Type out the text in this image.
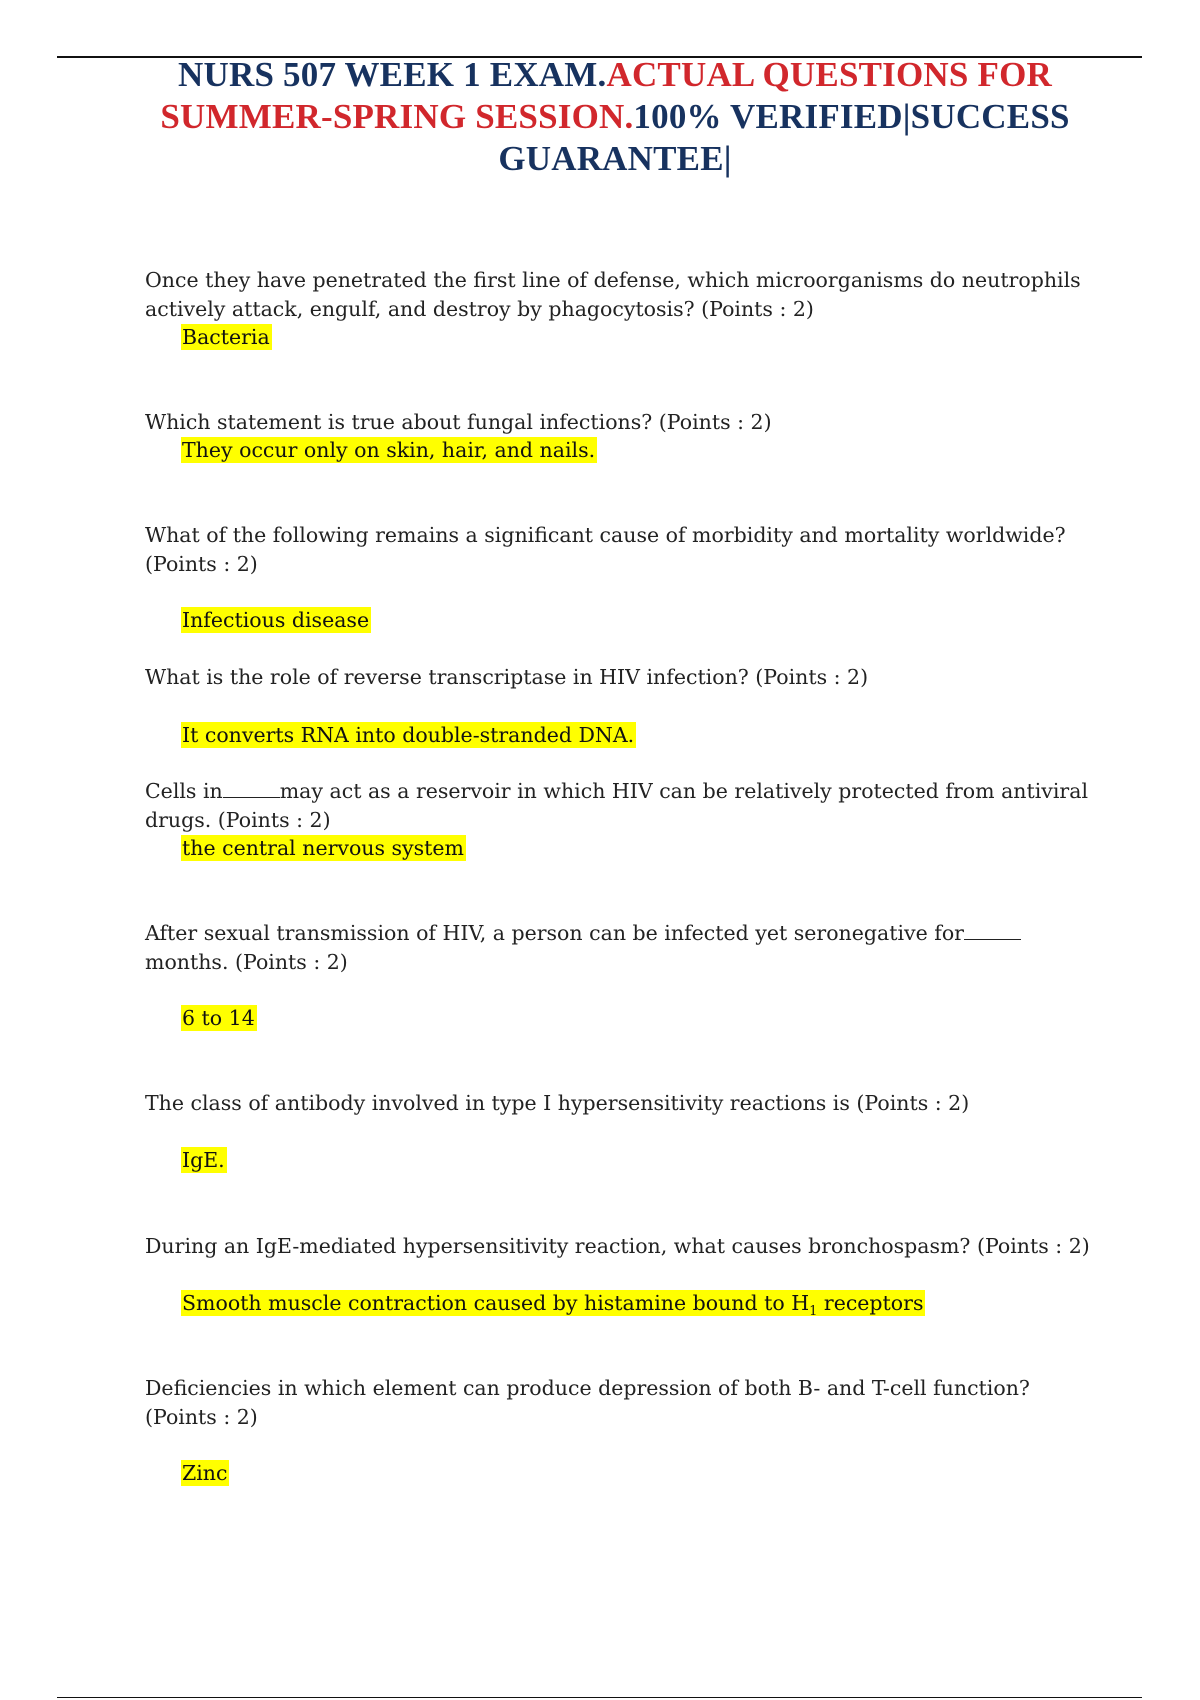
NURS 507 WEEK 1 EXAM.ACTUAL QUESTIONS FOR SUMMER-SPRING SESSION.100% VERIFIED|SUCCESS GUARANTEE|
Once they have penetrated the first line of defense, which microorganisms do neutrophils actively attack, engulf, and destroy by phagocytosis? (Points : 2)
Bacteria
Which statement is true about fungal infections? (Points : 2)
They occur only on skin, hair, and nails.
What of the following remains a significant cause of morbidity and mortality worldwide? (Points : 2)
Infectious disease
What is the role of reverse transcriptase in HIV infection? (Points : 2)
It converts RNA into double-stranded DNA.
Cells in	may act as a reservoir in which HIV can be relatively protected from antiviral drugs. (Points : 2)
the central nervous system
After sexual transmission of HIV, a person can be infected yet seronegative formonths. (Points : 2)
6 to 14
The class of antibody involved in type I hypersensitivity reactions is (Points : 2)
IgE.
During an IgE-mediated hypersensitivity reaction, what causes bronchospasm? (Points : 2)
Smooth muscle contraction caused by histamine bound to $H_1$ receptors
Deficiencies in which element can produce depression of both B- and T-cell function? (Points : 2)
Zinc
